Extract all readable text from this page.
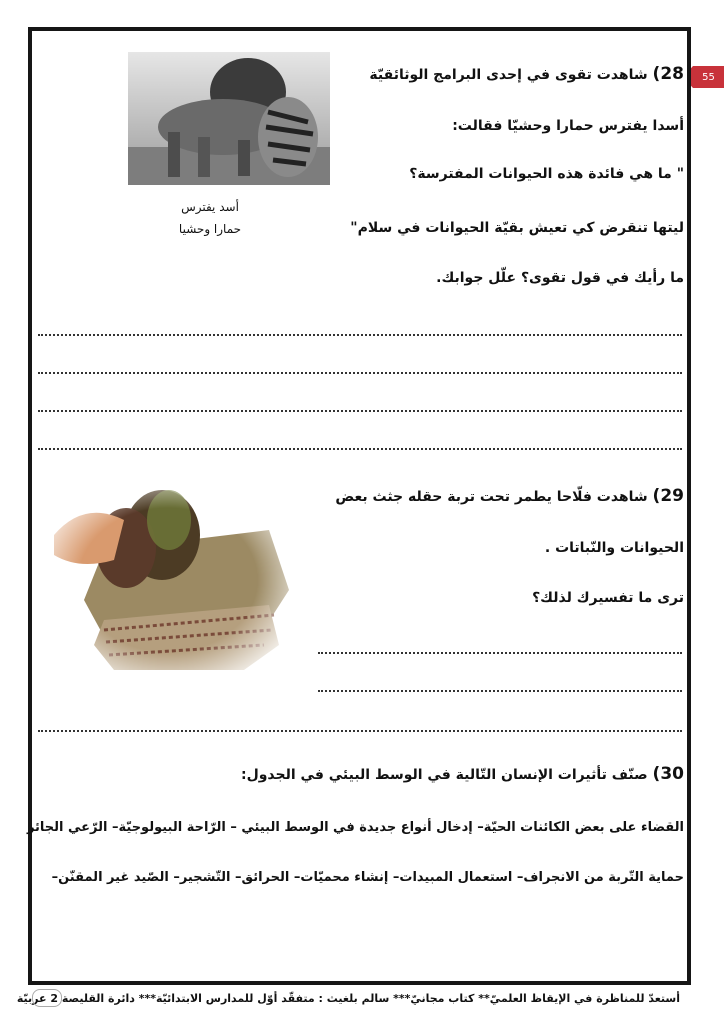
55
أسد يفترس
حمارا وحشيا
28) شاهدت تقوى في إحدى البرامج الوثائقيّة
أسدا يفترس حمارا وحشيّا فقالت:
" ما هي فائدة هذه الحيوانات المفترسة؟
ليتها تنقرض كي تعيش بقيّة الحيوانات في سلام"
ما رأيك في قول تقوى؟ علّل جوابك.
29) شاهدت فلّاحا يطمر تحت تربة حقله جثث بعض
الحيوانات والنّباتات .
ترى ما تفسيرك لذلك؟
30) صنّف تأثيرات الإنسان التّالية في الوسط البيئي في الجدول:
القضاء على بعض الكائنات الحيّة– إدخال أنواع جديدة في الوسط البيئي – الرّاحة البيولوجيّة– الرّعي الجائر
حماية التّربة من الانجراف– استعمال المبيدات– إنشاء محميّات– الحرائق– التّشجير– الصّيد غير المقنّن–
أستعدّ للمناظرة في الإيقاظ العلميّ** كتاب مجانيّ*** سالم بلغيث : متفقّد أوّل للمدارس الابتدائيّة*** دائرة القليصة 2 عربيّة
